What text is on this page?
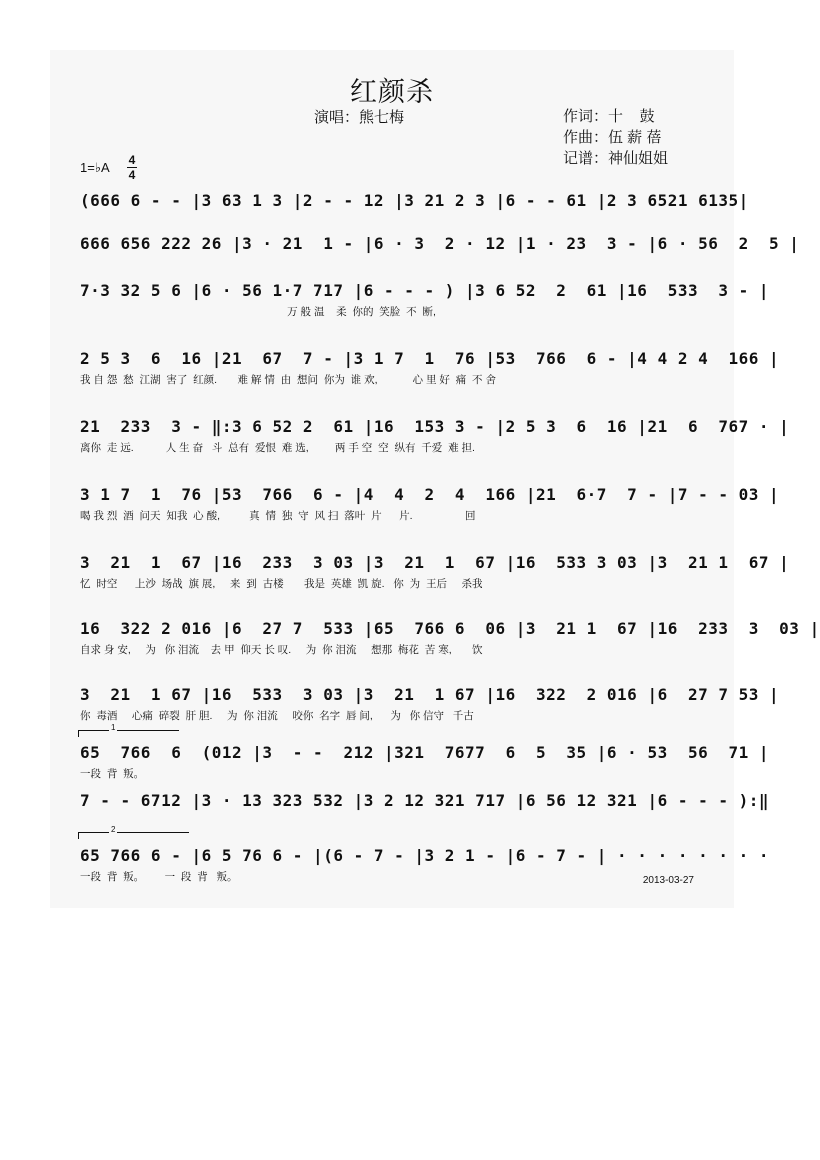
红颜杀
演唱：熊七梅	作词：十    鼓
作曲：伍 薪 蓓
记谱：神仙姐姐
1=♭A 4
4
(666 6 - - |3 63 1 3 |2 - - 12 |3 21 2 3 |6 - - 61 |2 3 6521 6135|
666 656 222 26 |3 · 21  1 - |6 · 3  2 · 12 |1 · 23  3 - |6 · 56  2  5 |
7·3 32 5 6 |6 · 56 1·7 717 |6 - - - ) |3 6 52  2  61 |16  533  3 - |
万 般 温    柔  你的  笑脸  不  断,
2 5 3  6  16 |21  67  7 - |3 1 7  1  76 |53  766  6 - |4 4 2 4  166 |
我 自 怨  愁  江湖  害了  红颜.       难 解 情  由  想问  你为  谁 欢,            心 里 好  痛  不 舍
21  233  3 - ‖:3 6 52 2  61 |16  153 3 - |2 5 3  6  16 |21  6  767 · |
离你  走 远.           人 生 奋   斗  总有  爱恨  难 选,         两 手 空  空  纵有  千爱  难 担.
3 1 7  1  76 |53  766  6 - |4  4  2  4  166 |21  6·7  7 - |7 - - 03 |
喝 我 烈  酒  问天  知我  心 酸,          真  情  独  守  风 扫  落叶  片      片.                  回
3  21  1  67 |16  233  3 03 |3  21  1  67 |16  533 3 03 |3  21 1  67 |
忆  时空      上沙  场战  旗 展,     来  到  古楼       我是  英雄  凯 旋.   你  为  王后     杀我
16  322 2 016 |6  27 7  533 |65  766 6  06 |3  21 1  67 |16  233  3  03 |
自求 身 安,     为   你 泪流    去 甲  仰天 长 叹.     为  你 泪流     想那  梅花  苦 寒,       饮
3  21  1 67 |16  533  3 03 |3  21  1 67 |16  322  2 016 |6  27 7 53 |
你  毒酒     心痛  碎裂  肝 胆.     为  你 泪流     咬你  名字  唇 间,      为   你 信守   千古
1
65  766  6  (012 |3  - -  212 |321  7677  6  5  35 |6 · 53  56  71 |
一段  背  叛。
7 - - 6712 |3 · 13 323 532 |3 2 12 321 717 |6 56 12 321 |6 - - - ):‖
2
65 766 6 - |6 5 76 6 - |(6 - 7 - |3 2 1 - |6 - 7 - | · · · · · · · ·
一段  背  叛。       一  段  背   叛。	2013-03-27
